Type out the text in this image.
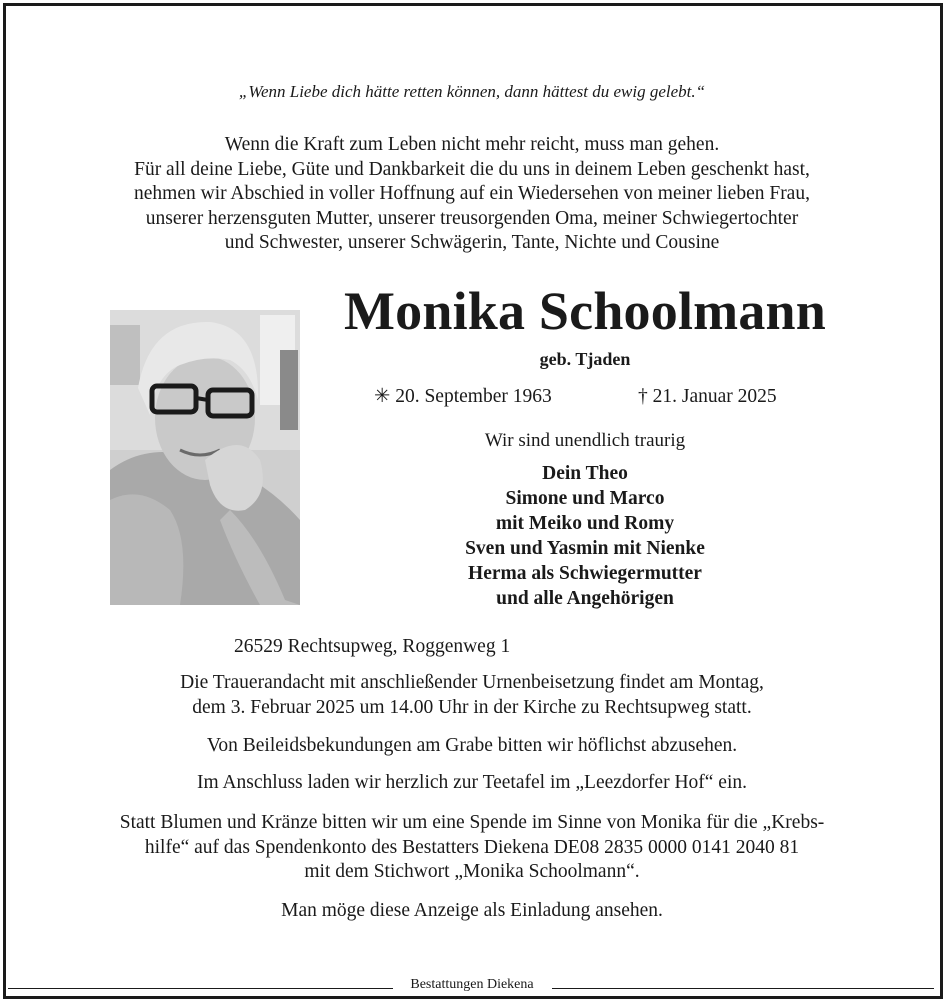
„Wenn Liebe dich hätte retten können, dann hättest du ewig gelebt.“
Wenn die Kraft zum Leben nicht mehr reicht, muss man gehen.
Für all deine Liebe, Güte und Dankbarkeit die du uns in deinem Leben geschenkt hast,
nehmen wir Abschied in voller Hoffnung auf ein Wiedersehen von meiner lieben Frau,
unserer herzensguten Mutter, unserer treusorgenden Oma, meiner Schwiegertochter
und Schwester, unserer Schwägerin, Tante, Nichte und Cousine
Monika Schoolmann
geb. Tjaden
✳ 20. September 1963	† 21. Januar 2025
Wir sind unendlich traurig
Dein Theo
Simone und Marco
mit Meiko und Romy
Sven und Yasmin mit Nienke
Herma als Schwiegermutter
und alle Angehörigen
26529 Rechtsupweg, Roggenweg 1
Die Trauerandacht mit anschließender Urnenbeisetzung findet am Montag,
dem 3. Februar 2025 um 14.00 Uhr in der Kirche zu Rechtsupweg statt.
Von Beileidsbekundungen am Grabe bitten wir höflichst abzusehen.
Im Anschluss laden wir herzlich zur Teetafel im „Leezdorfer Hof“ ein.
Statt Blumen und Kränze bitten wir um eine Spende im Sinne von Monika für die „Krebs-
hilfe“ auf das Spendenkonto des Bestatters Diekena DE08 2835 0000 0141 2040 81
mit dem Stichwort „Monika Schoolmann“.
Man möge diese Anzeige als Einladung ansehen.
Bestattungen Diekena
